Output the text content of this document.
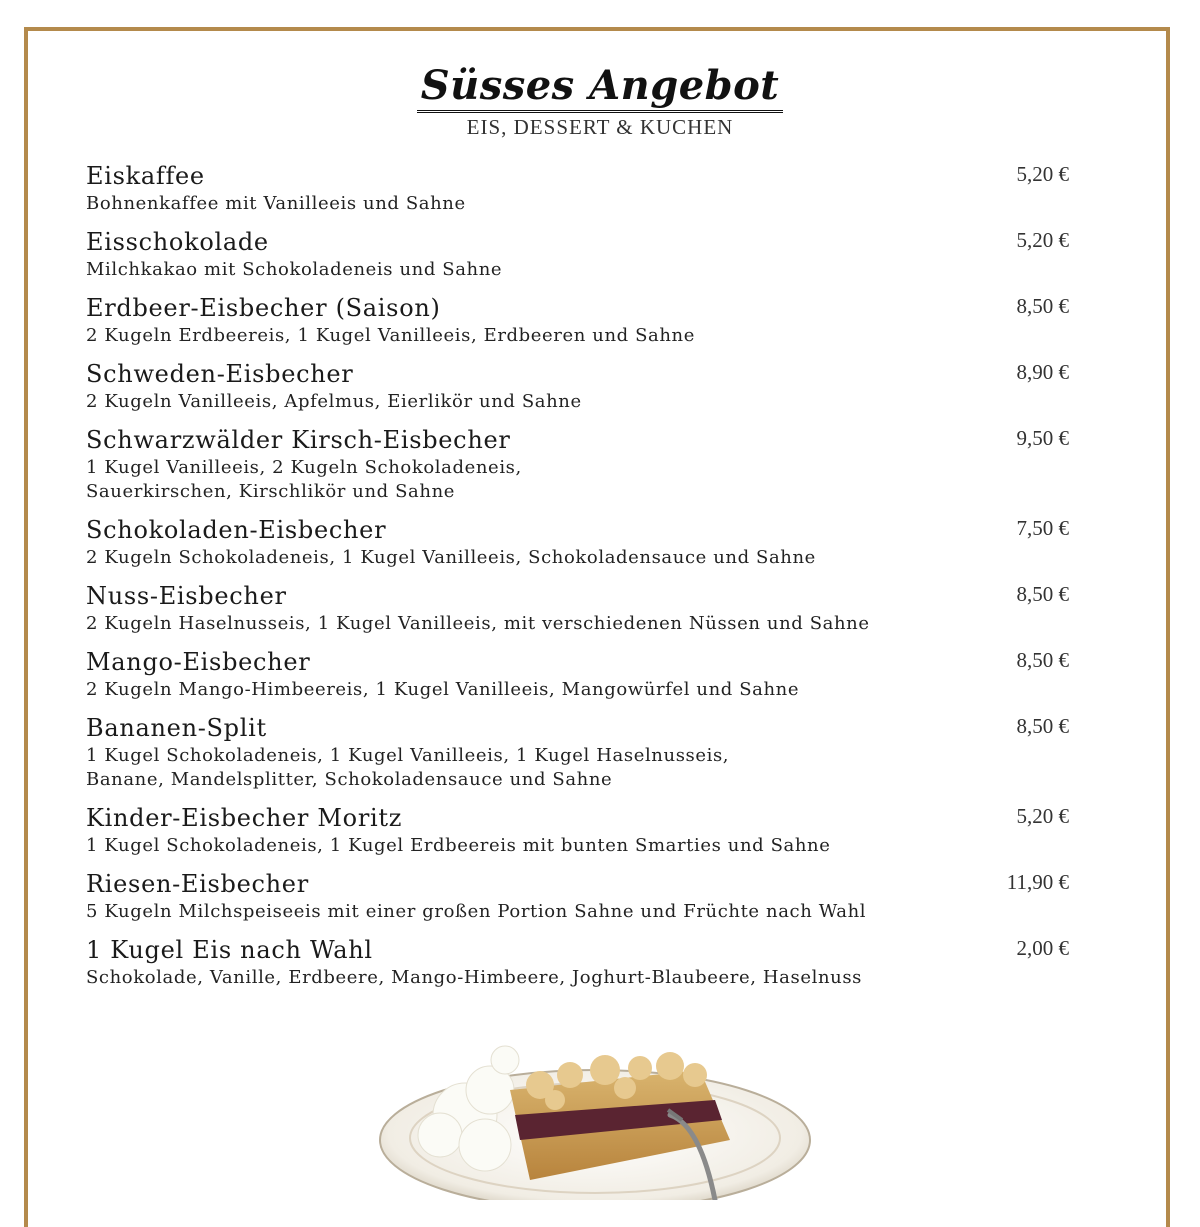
Süsses Angebot
EIS, DESSERT & KUCHEN
Eiskaffee
Bohnenkaffee mit Vanilleeis und Sahne
5,20 €
Eisschokolade
Milchkakao mit Schokoladeneis und Sahne
5,20 €
Erdbeer-Eisbecher (Saison)
2 Kugeln Erdbeereis, 1 Kugel Vanilleeis, Erdbeeren und Sahne
8,50 €
Schweden-Eisbecher
2 Kugeln Vanilleeis, Apfelmus, Eierlikör und Sahne
8,90 €
Schwarzwälder Kirsch-Eisbecher
1 Kugel Vanilleeis, 2 Kugeln Schokoladeneis,
Sauerkirschen, Kirschlikör und Sahne
9,50 €
Schokoladen-Eisbecher
2 Kugeln Schokoladeneis, 1 Kugel Vanilleeis, Schokoladensauce und Sahne
7,50 €
Nuss-Eisbecher
2 Kugeln Haselnusseis, 1 Kugel Vanilleeis, mit verschiedenen Nüssen und Sahne
8,50 €
Mango-Eisbecher
2 Kugeln Mango-Himbeereis, 1 Kugel Vanilleeis, Mangowürfel und Sahne
8,50 €
Bananen-Split
1 Kugel Schokoladeneis, 1 Kugel Vanilleeis, 1 Kugel Haselnusseis,
Banane, Mandelsplitter, Schokoladensauce und Sahne
8,50 €
Kinder-Eisbecher Moritz
1 Kugel Schokoladeneis, 1 Kugel Erdbeereis mit bunten Smarties und Sahne
5,20 €
Riesen-Eisbecher
5 Kugeln Milchspeiseeis mit einer großen Portion Sahne und Früchte nach Wahl
11,90 €
1 Kugel Eis nach Wahl
Schokolade, Vanille, Erdbeere, Mango-Himbeere, Joghurt-Blaubeere, Haselnuss
2,00 €
